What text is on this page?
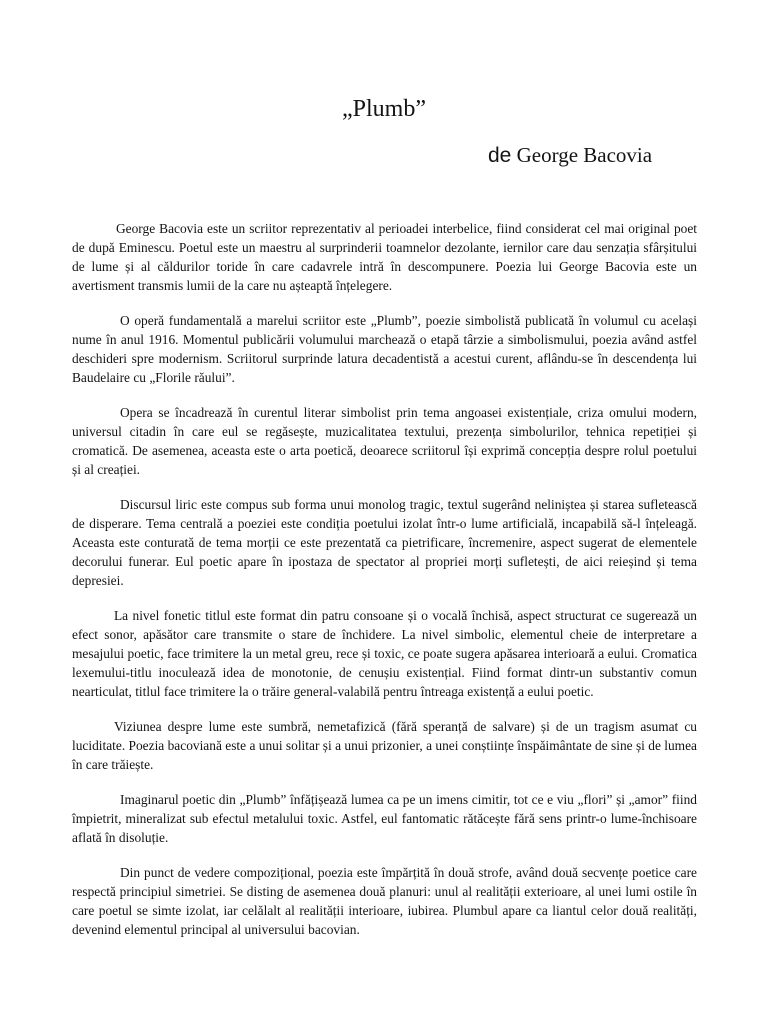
„Plumb”
de George Bacovia

George Bacovia este un scriitor reprezentativ al perioadei interbelice, fiind considerat cel mai original poet de după Eminescu. Poetul este un maestru al surprinderii toamnelor dezolante, iernilor care dau senzația sfârșitului de lume și al căldurilor toride în care cadavrele intră în descompunere. Poezia lui George Bacovia este un avertisment transmis lumii de la care nu așteaptă înțelegere.

O operă fundamentală a marelui scriitor este „Plumb”, poezie simbolistă publicată în volumul cu același nume în anul 1916. Momentul publicării volumului marchează o etapă târzie a simbolismului, poezia având astfel deschideri spre modernism. Scriitorul surprinde latura decadentistă a acestui curent, aflându-se în descendența lui Baudelaire cu „Florile răului”.

Opera se încadrează în curentul literar simbolist prin tema angoasei existențiale, criza omului modern, universul citadin în care eul se regăsește, muzicalitatea textului, prezența simbolurilor, tehnica repetiției și cromatică. De asemenea, aceasta este o arta poetică, deoarece scriitorul își exprimă concepția despre rolul poetului și al creației.

Discursul liric este compus sub forma unui monolog tragic, textul sugerând neliniștea și starea sufletească de disperare. Tema centrală a poeziei este condiția poetului izolat într-o lume artificială, incapabilă să-l înțeleagă. Aceasta este conturată de tema morții ce este prezentată ca pietrificare, încremenire, aspect sugerat de elementele decorului funerar. Eul poetic apare în ipostaza de spectator al propriei morți sufletești, de aici reieșind și tema depresiei.

La nivel fonetic titlul este format din patru consoane și o vocală închisă, aspect structurat ce sugerează un efect sonor, apăsător care transmite o stare de închidere. La nivel simbolic, elementul cheie de interpretare a mesajului poetic, face trimitere la un metal greu, rece și toxic, ce poate sugera apăsarea interioară a eului. Cromatica lexemului-titlu inoculează idea de monotonie, de cenușiu existențial. Fiind format dintr-un substantiv comun nearticulat, titlul face trimitere la o trăire general-valabilă pentru întreaga existență a eului poetic.

Viziunea despre lume este sumbră, nemetafizică (fără speranță de salvare) și de un tragism asumat cu luciditate. Poezia bacoviană este a unui solitar și a unui prizonier, a unei conștiințe înspăimântate de sine și de lumea în care trăiește.

Imaginarul poetic din „Plumb” înfățișează lumea ca pe un imens cimitir, tot ce e viu „flori” și „amor” fiind împietrit, mineralizat sub efectul metalului toxic. Astfel, eul fantomatic rătăcește fără sens printr-o lume-închisoare aflată în disoluție.

Din punct de vedere compozițional, poezia este împărțită în două strofe, având două secvențe poetice care respectă principiul simetriei. Se disting de asemenea două planuri: unul al realității exterioare, al unei lumi ostile în care poetul se simte izolat, iar celălalt al realității interioare, iubirea. Plumbul apare ca liantul celor două realități, devenind elementul principal al universului bacovian.
